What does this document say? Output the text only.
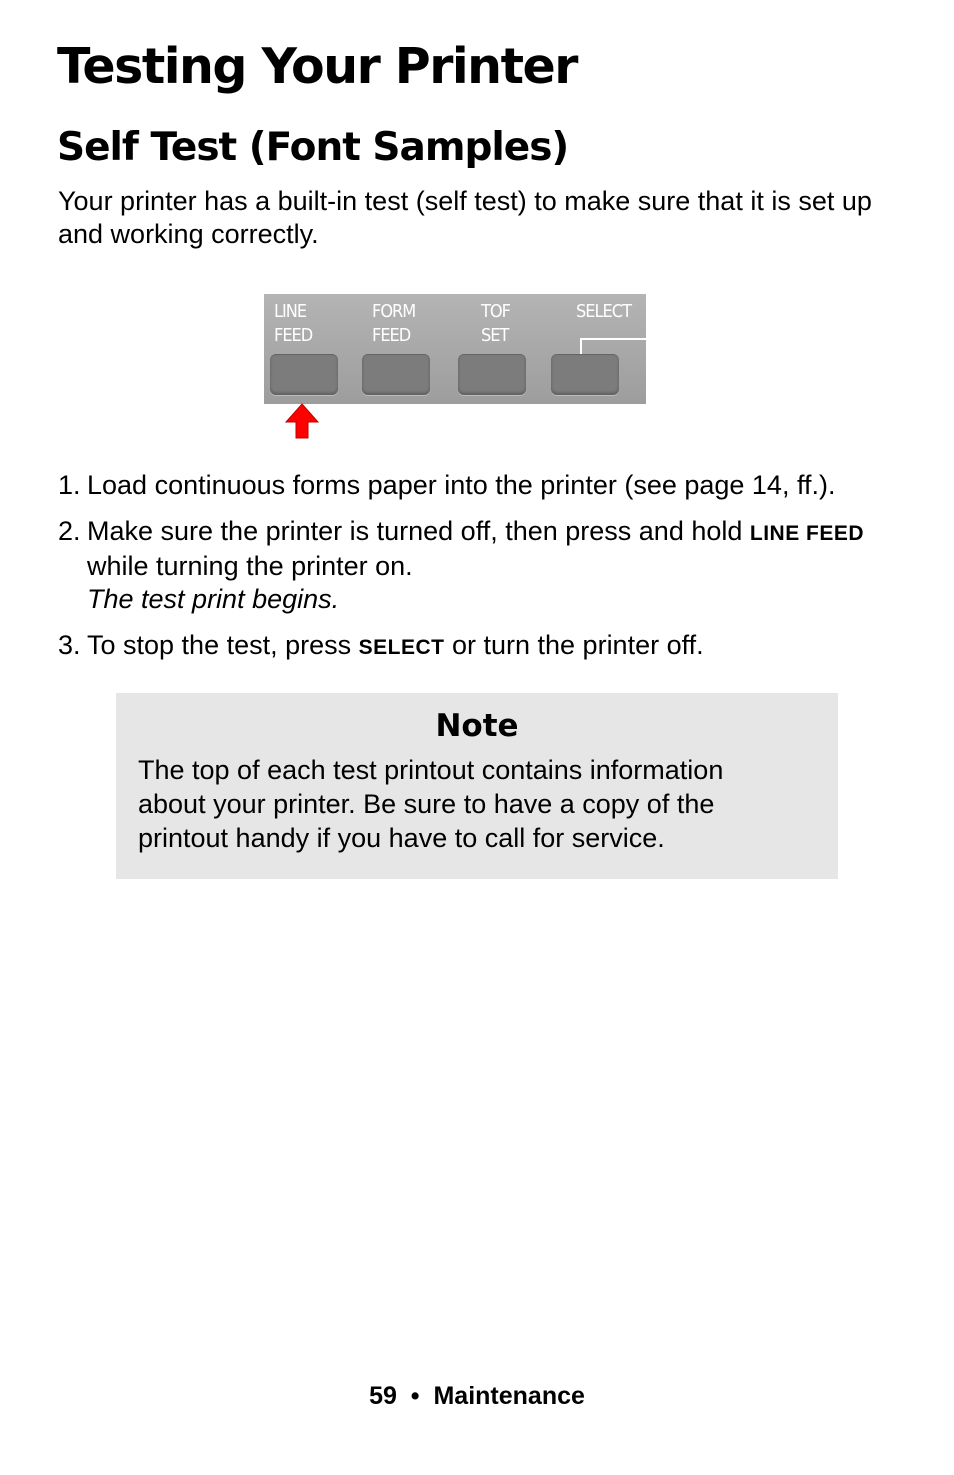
Testing Your Printer
Self Test (Font Samples)

Your printer has a built-in test (self test) to make sure that it is set up and working correctly.

LINE
FEED
FORM
FEED
TOF
SET
SELECT
1. Load continuous forms paper into the printer (see page 14, ff.).
2. Make sure the printer is turned off, then press and hold LINE FEED while turning the printer on.
The test print begins.
3. To stop the test, press SELECT or turn the printer off.
Note

The top of each test printout contains information about your printer. Be sure to have a copy of the printout handy if you have to call for service.

59 • Maintenance
